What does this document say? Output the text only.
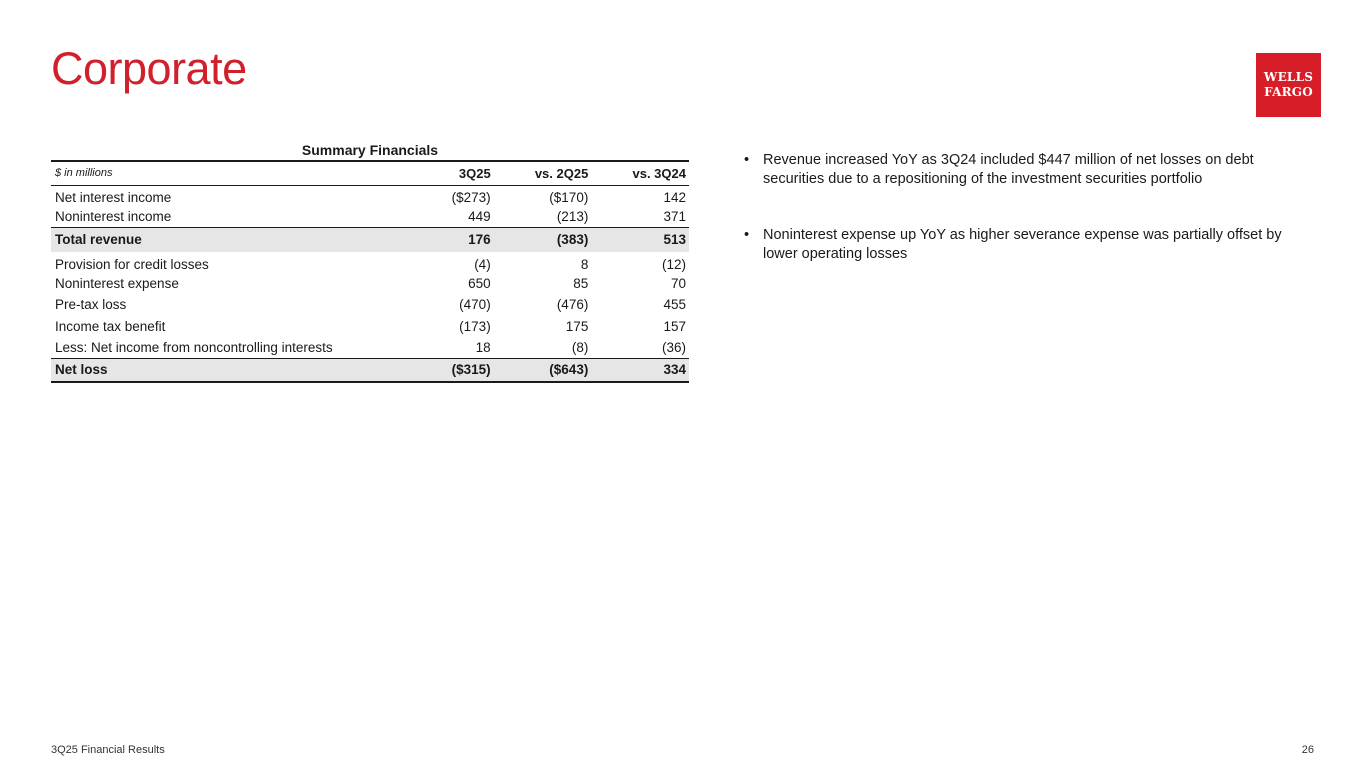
Corporate	WELLS
FARGO
Summary Financials
$ in millions	3Q25	vs. 2Q25	vs. 3Q24
Net interest income	($273)	($170)	142
Noninterest income	449	(213)	371
Total revenue	176	(383)	513
Provision for credit losses	(4)	8	(12)
Noninterest expense	650	85	70
Pre-tax loss	(470)	(476)	455
Income tax benefit	(173)	175	157
Less: Net income from noncontrolling interests	18	(8)	(36)
Net loss	($315)	($643)	334
• Revenue increased YoY as 3Q24 included $447 million of net losses on debt securities due to a repositioning of the investment securities portfolio
• Noninterest expense up YoY as higher severance expense was partially offset by lower operating losses
3Q25 Financial Results	26
